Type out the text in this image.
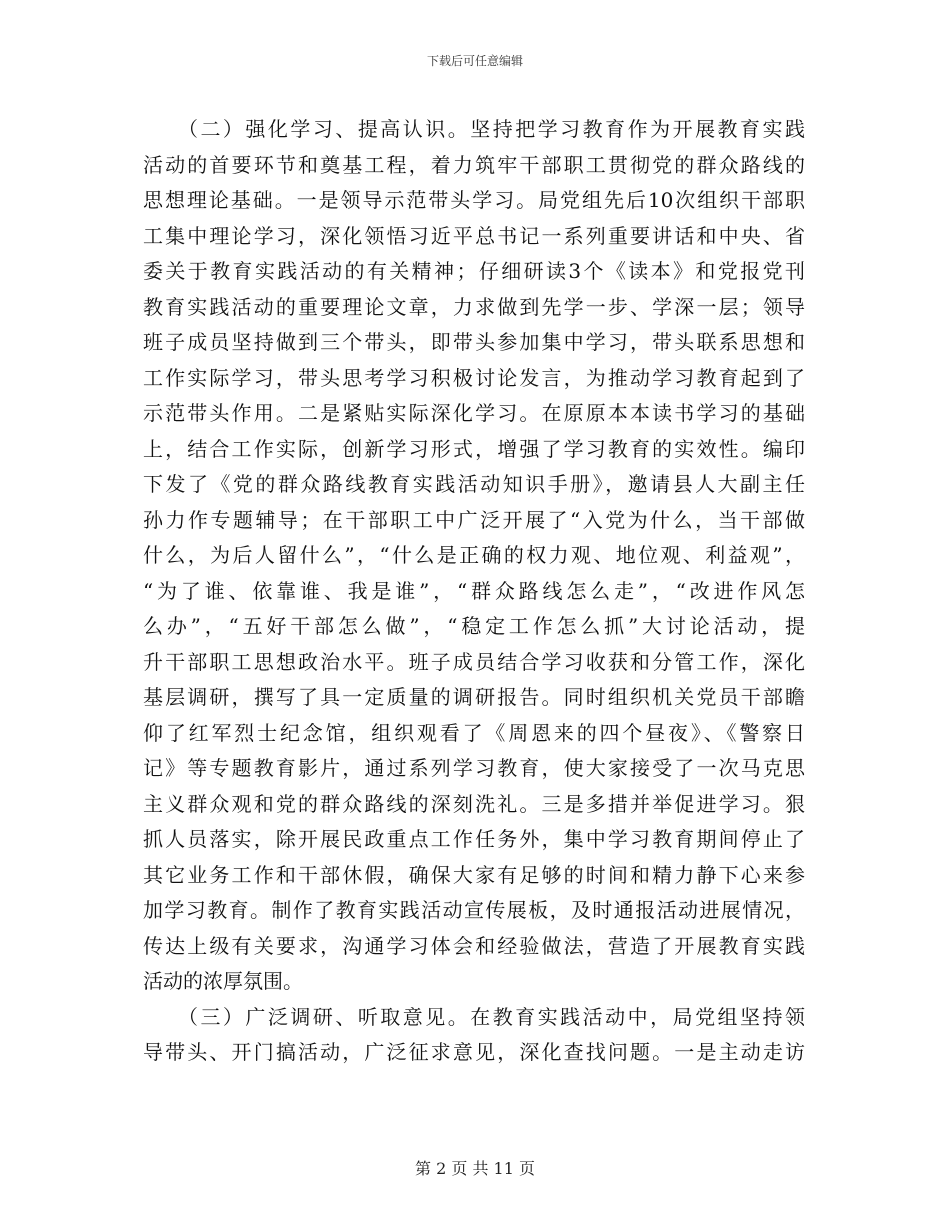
下载后可任意编辑
　　（二）强化学习、提高认识。坚持把学习教育作为开展教育实践
活动的首要环节和奠基工程，着力筑牢干部职工贯彻党的群众路线的
思想理论基础。一是领导示范带头学习。局党组先后10次组织干部职
工集中理论学习，深化领悟习近平总书记一系列重要讲话和中央、省
委关于教育实践活动的有关精神；仔细研读3个《读本》和党报党刊
教育实践活动的重要理论文章，力求做到先学一步、学深一层；领导
班子成员坚持做到三个带头，即带头参加集中学习，带头联系思想和
工作实际学习，带头思考学习积极讨论发言，为推动学习教育起到了
示范带头作用。二是紧贴实际深化学习。在原原本本读书学习的基础
上，结合工作实际，创新学习形式，增强了学习教育的实效性。编印
下发了《党的群众路线教育实践活动知识手册》，邀请县人大副主任
孙力作专题辅导；在干部职工中广泛开展了“入党为什么，当干部做
什么，为后人留什么”，“什么是正确的权力观、地位观、利益观”，
“为了谁、依靠谁、我是谁”，“群众路线怎么走”，“改进作风怎
么办”，“五好干部怎么做”，“稳定工作怎么抓”大讨论活动，提
升干部职工思想政治水平。班子成员结合学习收获和分管工作，深化
基层调研，撰写了具一定质量的调研报告。同时组织机关党员干部瞻
仰了红军烈士纪念馆，组织观看了《周恩来的四个昼夜》、《警察日
记》等专题教育影片，通过系列学习教育，使大家接受了一次马克思
主义群众观和党的群众路线的深刻洗礼。三是多措并举促进学习。狠
抓人员落实，除开展民政重点工作任务外，集中学习教育期间停止了
其它业务工作和干部休假，确保大家有足够的时间和精力静下心来参
加学习教育。制作了教育实践活动宣传展板，及时通报活动进展情况，
传达上级有关要求，沟通学习体会和经验做法，营造了开展教育实践
活动的浓厚氛围。
　　（三）广泛调研、听取意见。在教育实践活动中，局党组坚持领
导带头、开门搞活动，广泛征求意见，深化查找问题。一是主动走访
第 2 页 共 11 页
